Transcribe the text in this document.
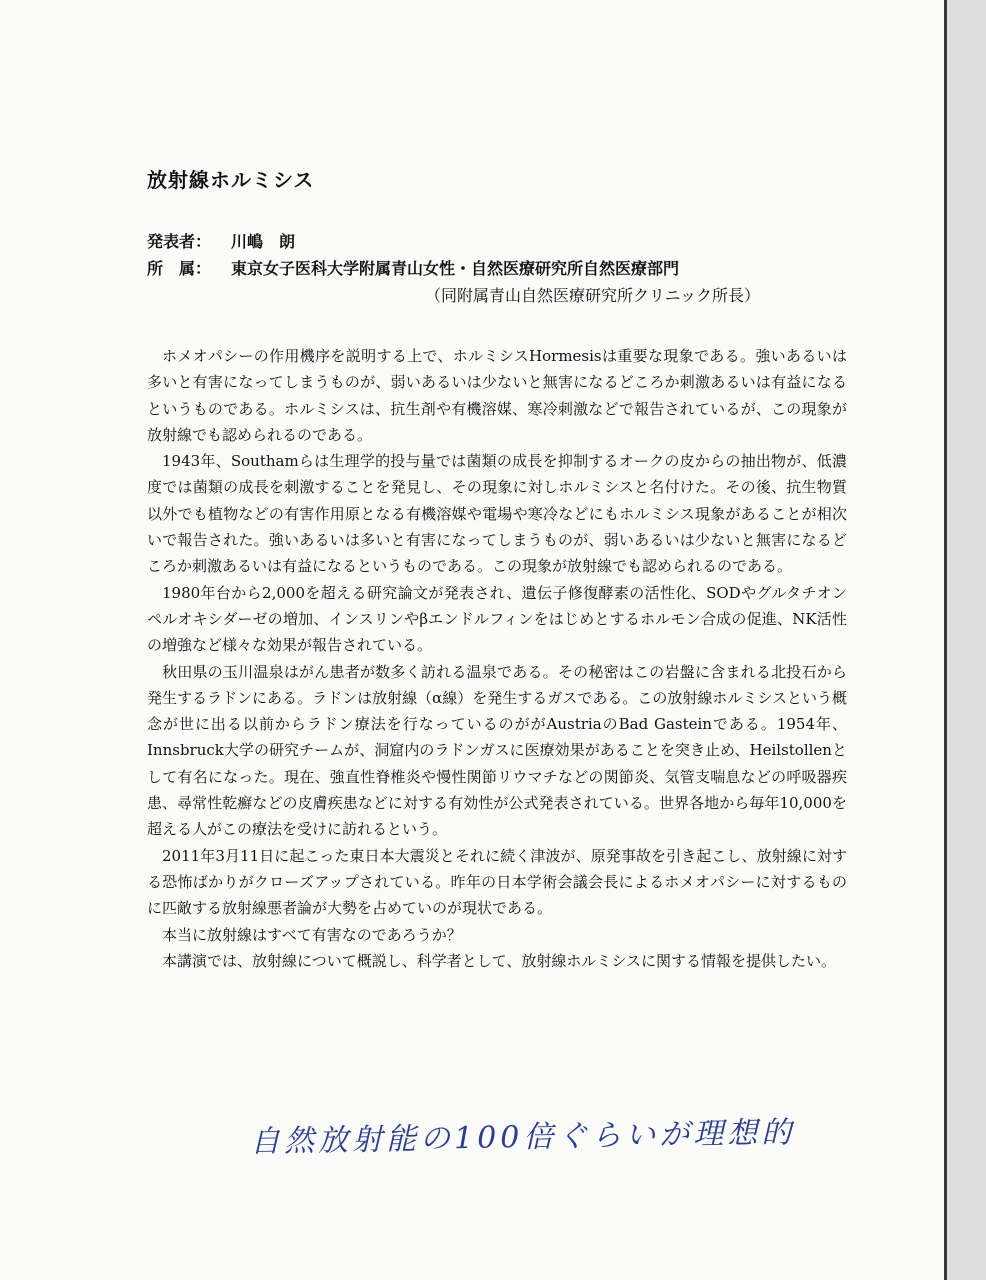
放射線ホルミシス
発表者： 川嶋　朗
所　属： 東京女子医科大学附属青山女性・自然医療研究所自然医療部門
（同附属青山自然医療研究所クリニック所長）

ホメオパシーの作用機序を説明する上で、ホルミシスHormesisは重要な現象である。強いあるいは多いと有害になってしまうものが、弱いあるいは少ないと無害になるどころか刺激あるいは有益になるというものである。ホルミシスは、抗生剤や有機溶媒、寒冷刺激などで報告されているが、この現象が放射線でも認められるのである。

1943年、Southamらは生理学的投与量では菌類の成長を抑制するオークの皮からの抽出物が、低濃度では菌類の成長を刺激することを発見し、その現象に対しホルミシスと名付けた。その後、抗生物質以外でも植物などの有害作用原となる有機溶媒や電場や寒冷などにもホルミシス現象があることが相次いで報告された。強いあるいは多いと有害になってしまうものが、弱いあるいは少ないと無害になるどころか刺激あるいは有益になるというものである。この現象が放射線でも認められるのである。

1980年台から2,000を超える研究論文が発表され、遺伝子修復酵素の活性化、SODやグルタチオンペルオキシダーゼの増加、インスリンやβエンドルフィンをはじめとするホルモン合成の促進、NK活性の増強など様々な効果が報告されている。

秋田県の玉川温泉はがん患者が数多く訪れる温泉である。その秘密はこの岩盤に含まれる北投石から発生するラドンにある。ラドンは放射線（α線）を発生するガスである。この放射線ホルミシスという概念が世に出る以前からラドン療法を行なっているのががAustriaのBad Gasteinである。1954年、Innsbruck大学の研究チームが、洞窟内のラドンガスに医療効果があることを突き止め、Heilstollenとして有名になった。現在、強直性脊椎炎や慢性関節リウマチなどの関節炎、気管支喘息などの呼吸器疾患、尋常性乾癬などの皮膚疾患などに対する有効性が公式発表されている。世界各地から毎年10,000を超える人がこの療法を受けに訪れるという。

2011年3月11日に起こった東日本大震災とそれに続く津波が、原発事故を引き起こし、放射線に対する恐怖ばかりがクローズアップされている。昨年の日本学術会議会長によるホメオパシーに対するものに匹敵する放射線悪者論が大勢を占めていのが現状である。

本当に放射線はすべて有害なのであろうか？

本講演では、放射線について概説し、科学者として、放射線ホルミシスに関する情報を提供したい。

自然放射能の100倍ぐらいが理想的
